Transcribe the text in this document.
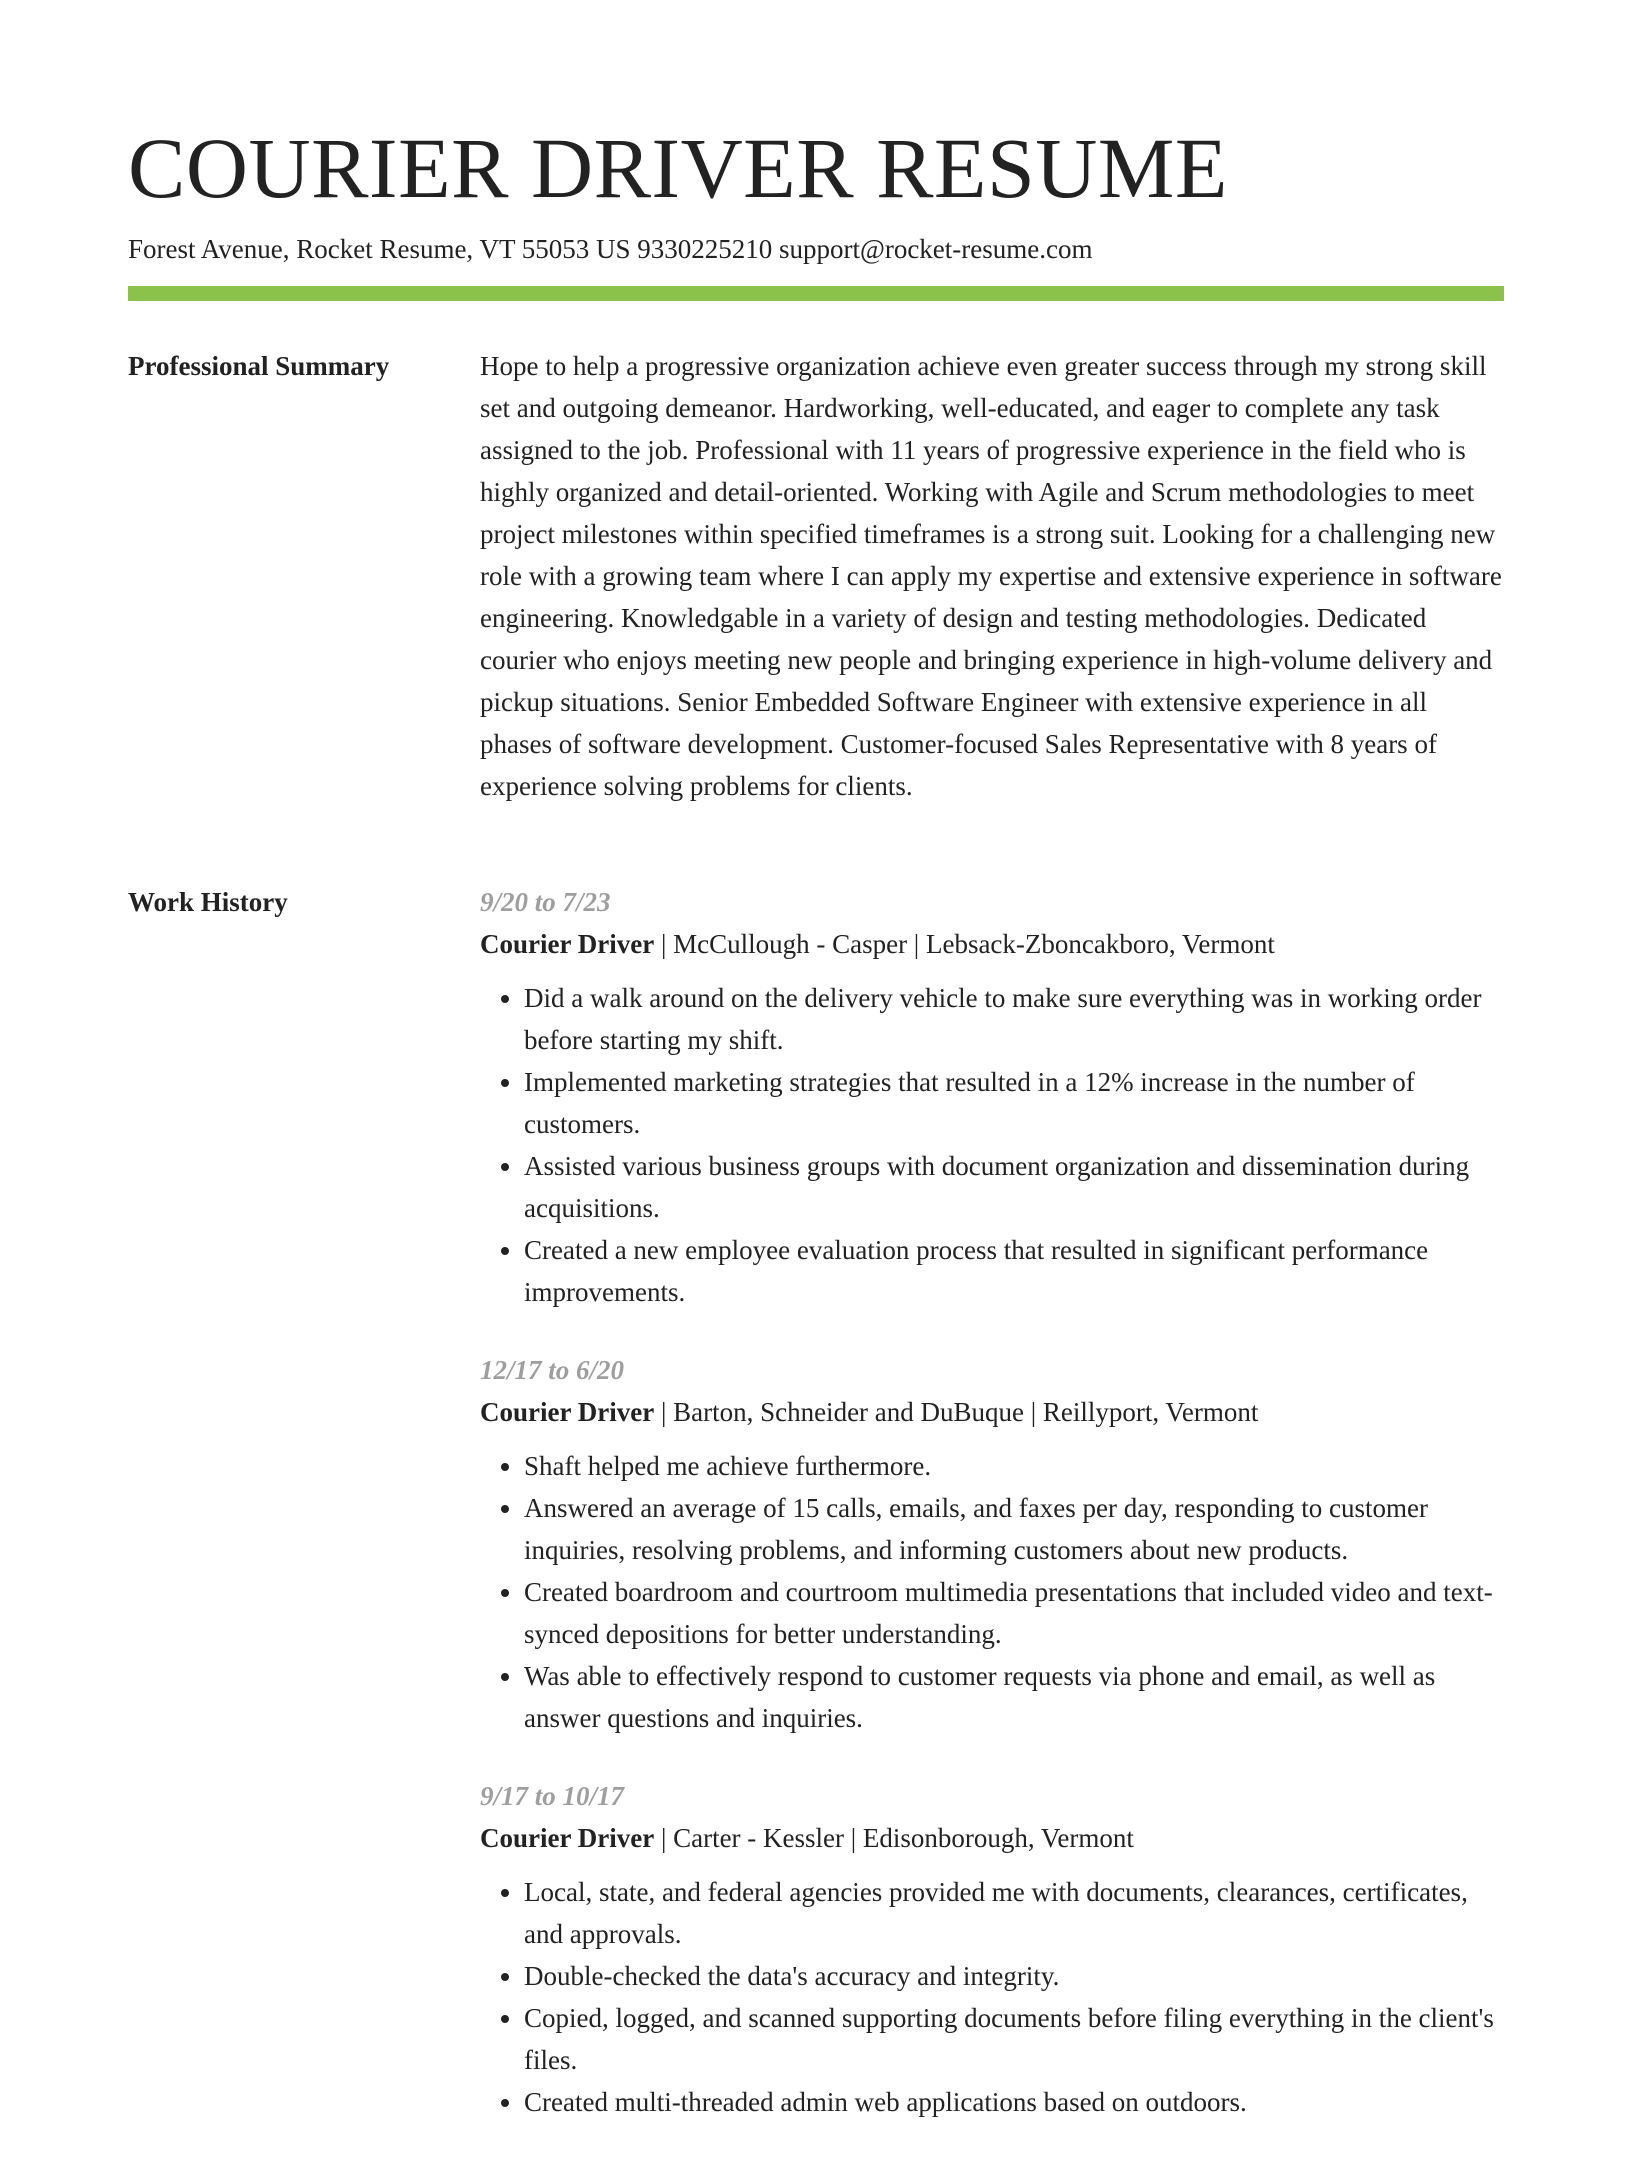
COURIER DRIVER RESUME
Forest Avenue, Rocket Resume, VT 55053 US 9330225210 support@rocket-resume.com
Professional Summary	Hope to help a progressive organization achieve even greater success through my strong skill set and outgoing demeanor. Hardworking, well-educated, and eager to complete any task assigned to the job. Professional with 11 years of progressive experience in the field who is highly organized and detail-oriented. Working with Agile and Scrum methodologies to meet project milestones within specified timeframes is a strong suit. Looking for a challenging new role with a growing team where I can apply my expertise and extensive experience in software engineering. Knowledgable in a variety of design and testing methodologies. Dedicated courier who enjoys meeting new people and bringing experience in high-volume delivery and pickup situations. Senior Embedded Software Engineer with extensive experience in all phases of software development. Customer-focused Sales Representative with 8 years of experience solving problems for clients.

Work History	9/20 to 7/23
Courier Driver | McCullough - Casper | Lebsack-Zboncakboro, Vermont
• Did a walk around on the delivery vehicle to make sure everything was in working order before starting my shift.
• Implemented marketing strategies that resulted in a 12% increase in the number of customers.
• Assisted various business groups with document organization and dissemination during acquisitions.
• Created a new employee evaluation process that resulted in significant performance improvements.
12/17 to 6/20
Courier Driver | Barton, Schneider and DuBuque | Reillyport, Vermont
• Shaft helped me achieve furthermore.
• Answered an average of 15 calls, emails, and faxes per day, responding to customer inquiries, resolving problems, and informing customers about new products.
• Created boardroom and courtroom multimedia presentations that included video and text-synced depositions for better understanding.
• Was able to effectively respond to customer requests via phone and email, as well as answer questions and inquiries.
9/17 to 10/17
Courier Driver | Carter - Kessler | Edisonborough, Vermont
• Local, state, and federal agencies provided me with documents, clearances, certificates, and approvals.
• Double-checked the data's accuracy and integrity.
• Copied, logged, and scanned supporting documents before filing everything in the client's files.
• Created multi-threaded admin web applications based on outdoors.
